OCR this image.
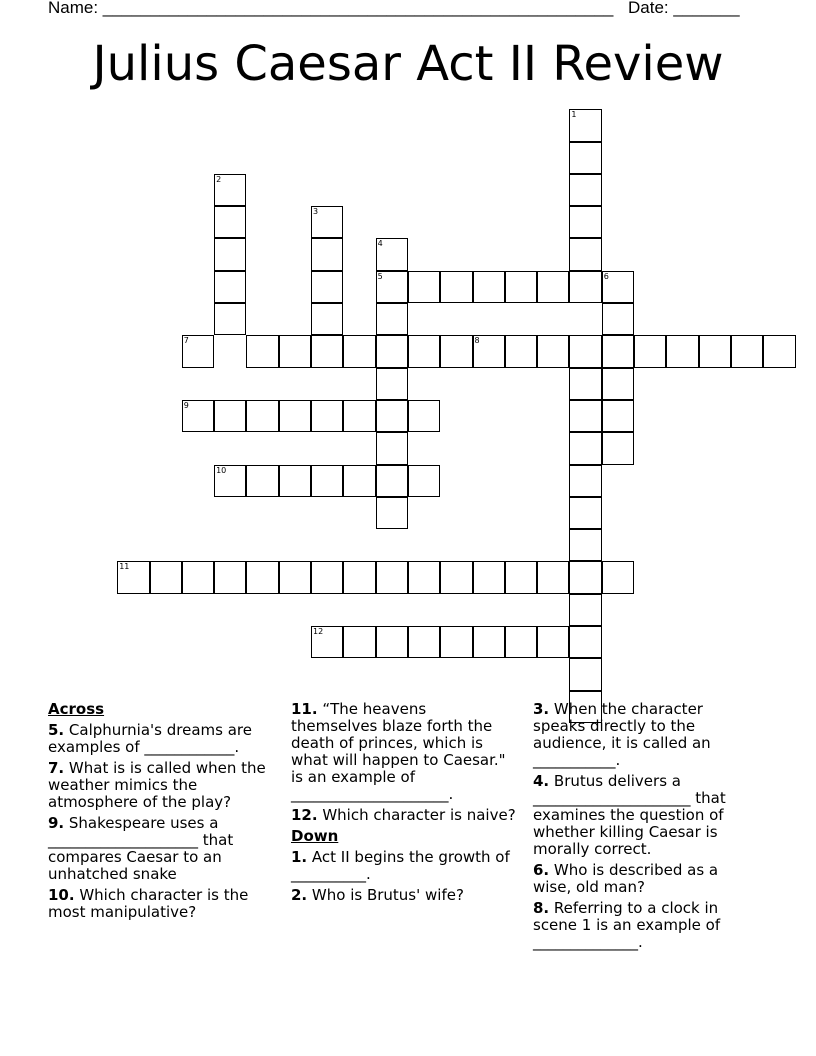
Name: ______________________________________________________ Date: _______
Julius Caesar Act II Review
1
2
3
4
5	6
7	8
9
10
11
12
Across

5. Calphurnia's dreams are examples of ____________.

7. What is is called when the weather mimics the atmosphere of the play?

9. Shakespeare uses a ____________________ that compares Caesar to an unhatched snake

10. Which character is the most manipulative?

11. “The heavens themselves blaze forth the death of princes, which is what will happen to Caesar." is an example of _____________________.

12. Which character is naive?

Down

1. Act II begins the growth of __________.

2. Who is Brutus' wife?

3. When the character speaks directly to the audience, it is called an ___________.

4. Brutus delivers a _____________________ that examines the question of whether killing Caesar is morally correct.

6. Who is described as a wise, old man?

8. Referring to a clock in scene 1 is an example of ______________.
